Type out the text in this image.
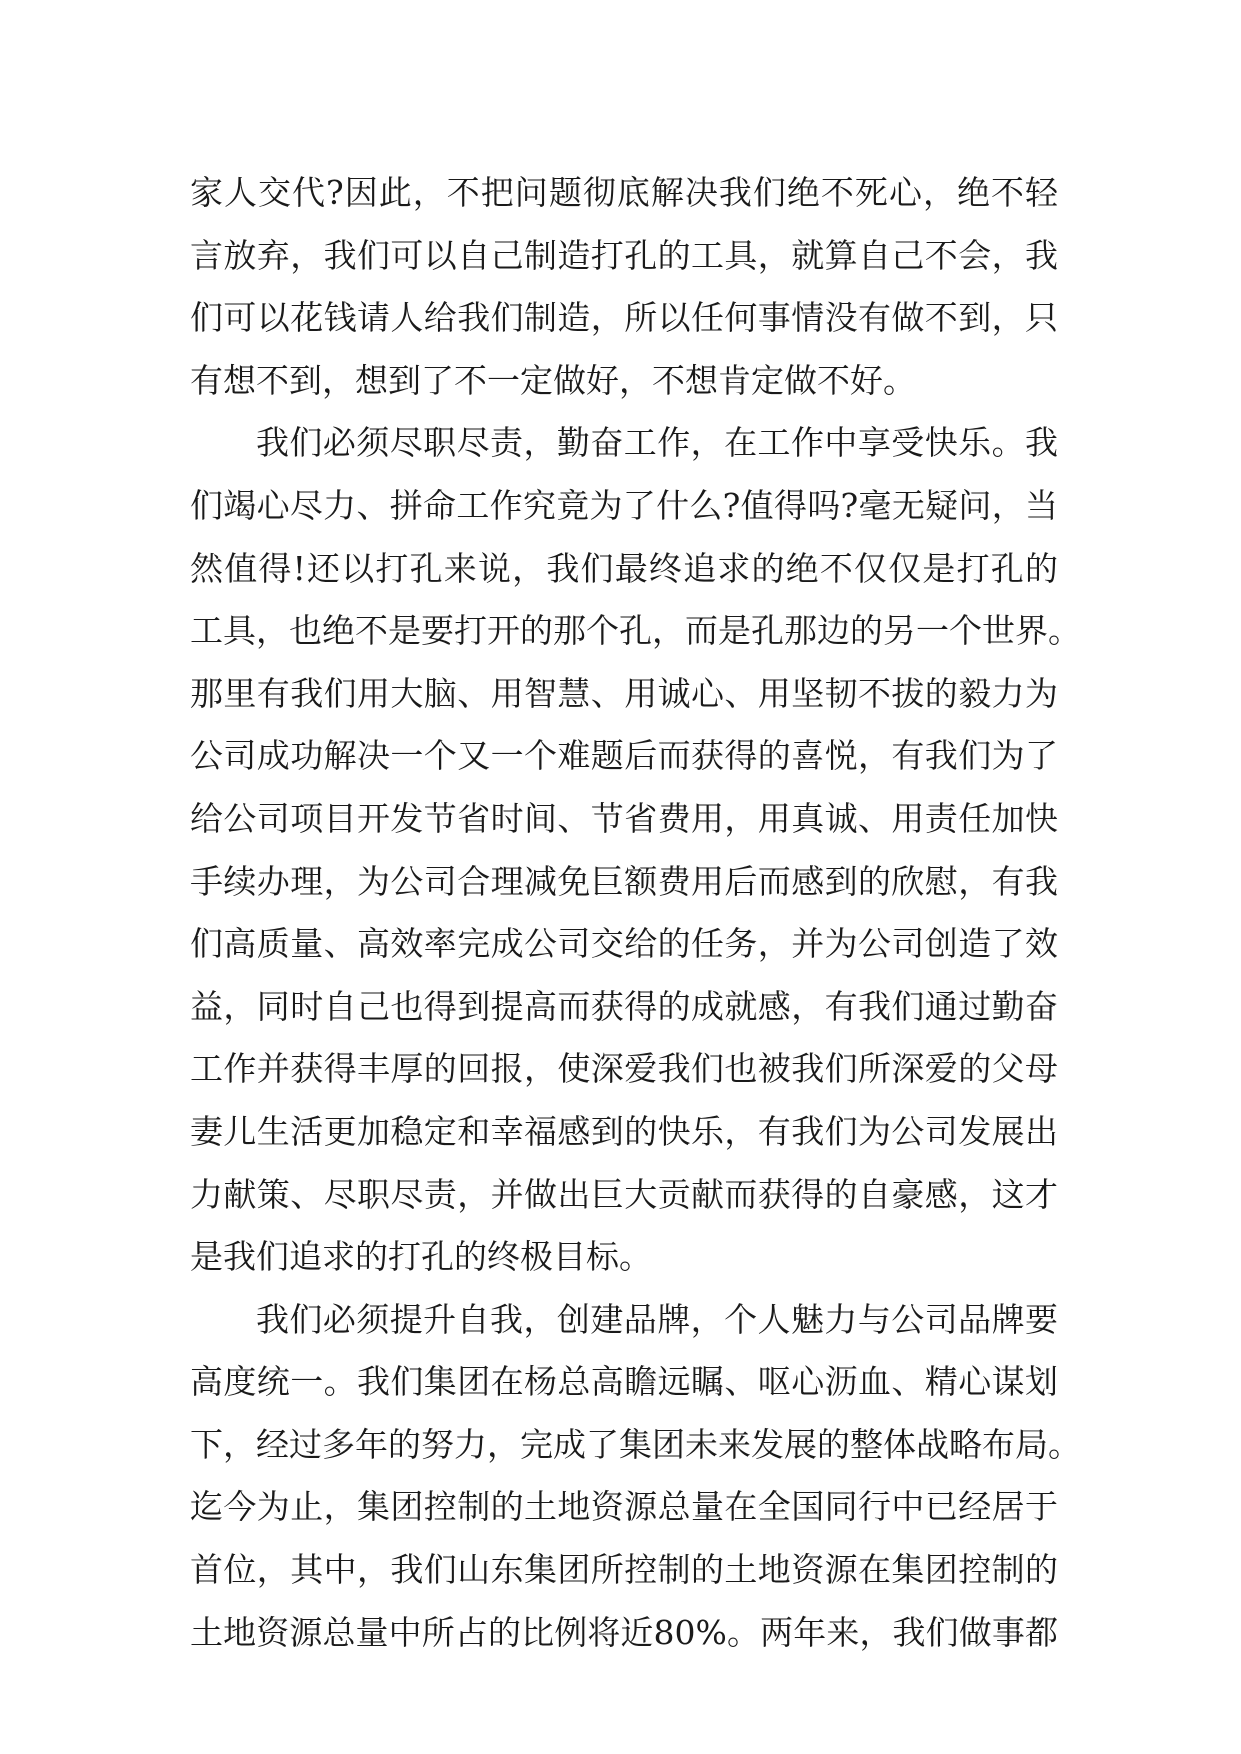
家人交代?因此，不把问题彻底解决我们绝不死心，绝不轻
言放弃，我们可以自己制造打孔的工具，就算自己不会，我
们可以花钱请人给我们制造，所以任何事情没有做不到，只
有想不到，想到了不一定做好，不想肯定做不好。
我们必须尽职尽责，勤奋工作，在工作中享受快乐。我
们竭心尽力、拼命工作究竟为了什么?值得吗?毫无疑问，当
然值得!还以打孔来说，我们最终追求的绝不仅仅是打孔的
工具，也绝不是要打开的那个孔，而是孔那边的另一个世界。
那里有我们用大脑、用智慧、用诚心、用坚韧不拔的毅力为
公司成功解决一个又一个难题后而获得的喜悦，有我们为了
给公司项目开发节省时间、节省费用，用真诚、用责任加快
手续办理，为公司合理减免巨额费用后而感到的欣慰，有我
们高质量、高效率完成公司交给的任务，并为公司创造了效
益，同时自己也得到提高而获得的成就感，有我们通过勤奋
工作并获得丰厚的回报，使深爱我们也被我们所深爱的父母
妻儿生活更加稳定和幸福感到的快乐，有我们为公司发展出
力献策、尽职尽责，并做出巨大贡献而获得的自豪感，这才
是我们追求的打孔的终极目标。
我们必须提升自我，创建品牌，个人魅力与公司品牌要
高度统一。我们集团在杨总高瞻远瞩、呕心沥血、精心谋划
下，经过多年的努力，完成了集团未来发展的整体战略布局。
迄今为止，集团控制的土地资源总量在全国同行中已经居于
首位，其中，我们山东集团所控制的土地资源在集团控制的
土地资源总量中所占的比例将近80%。两年来，我们做事都
